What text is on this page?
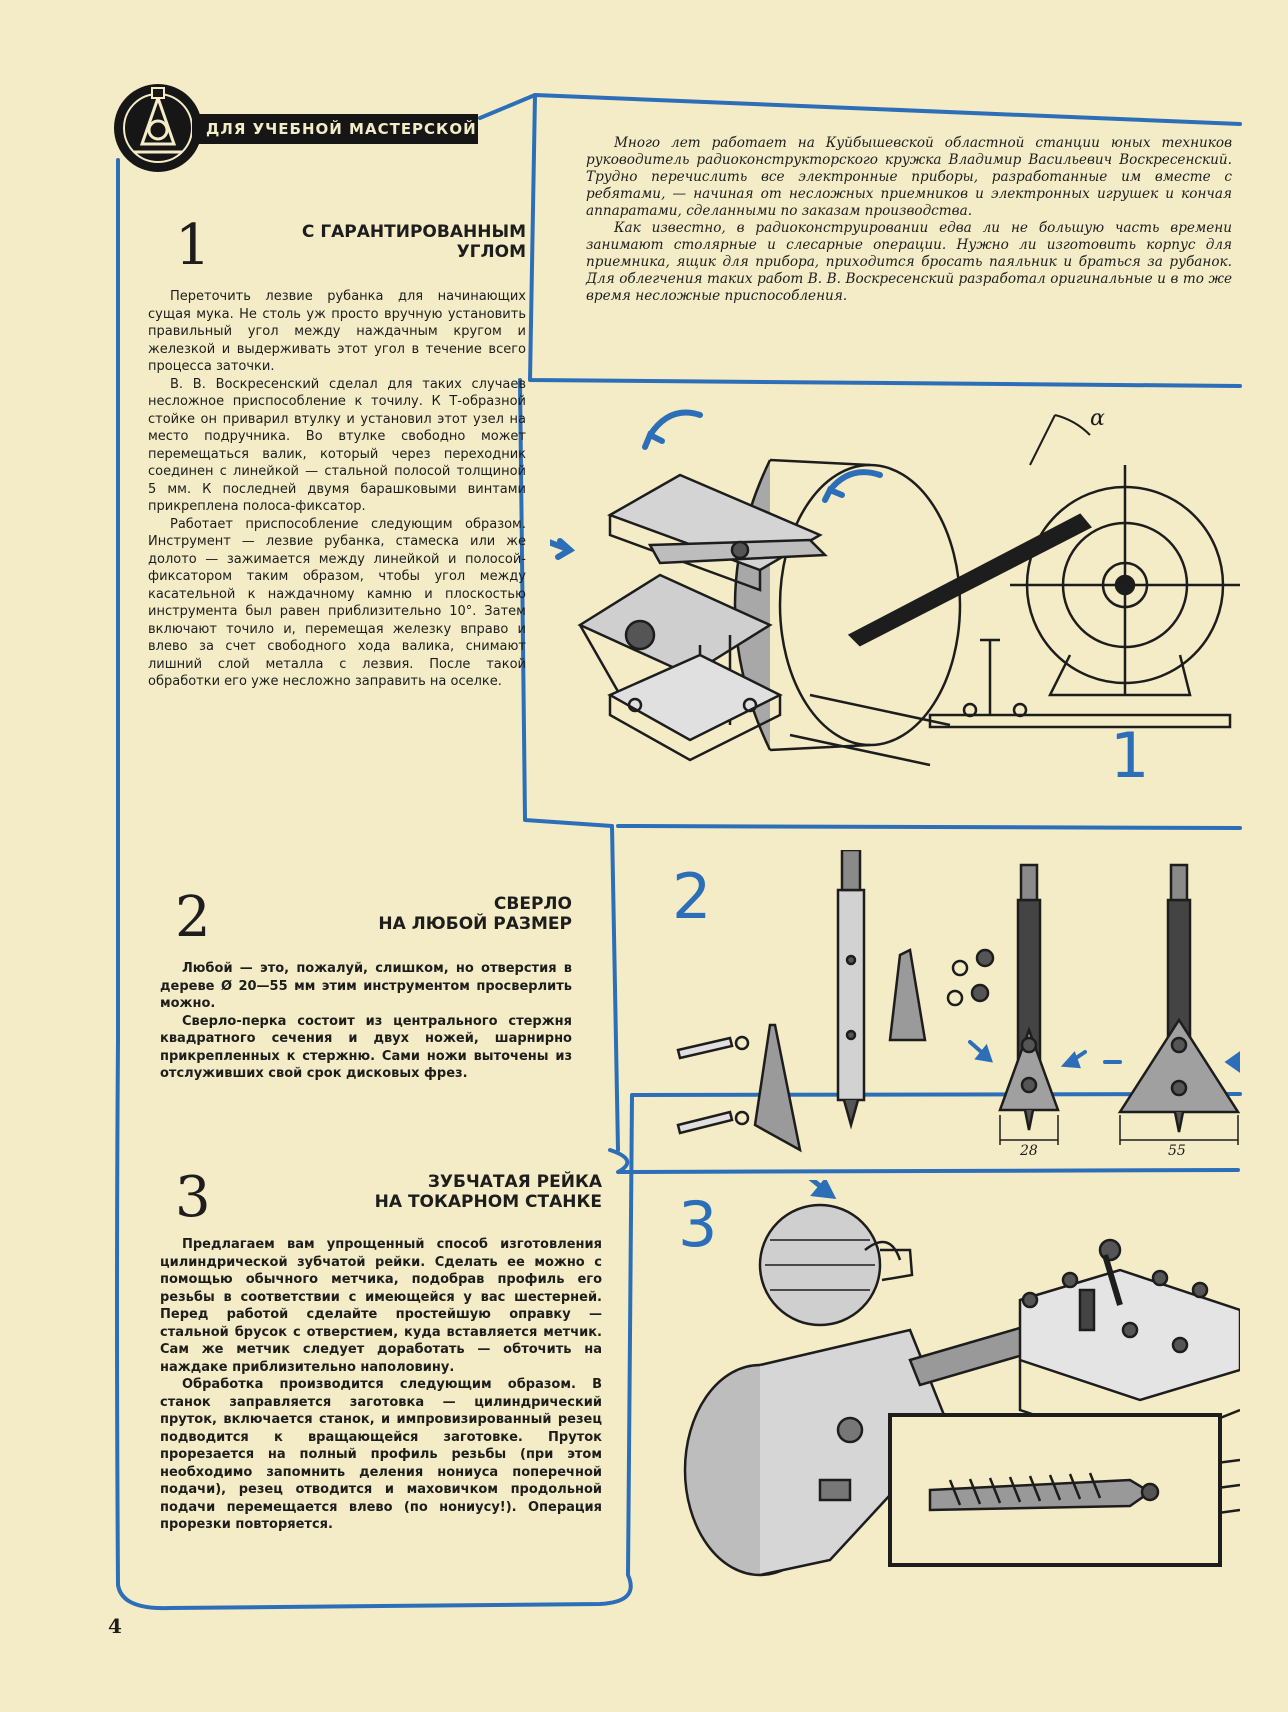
ДЛЯ УЧЕБНОЙ МАСТЕРСКОЙ

Много лет работает на Куйбышевской областной станции юных техников руководитель радиоконструкторского кружка Владимир Васильевич Воскресенский. Трудно перечислить все электронные приборы, разработанные им вместе с ребятами, — начиная от несложных приемников и электронных игрушек и кончая аппаратами, сделанными по заказам производства.

Как известно, в радиоконструировании едва ли не большую часть времени занимают столярные и слесарные операции. Нужно ли изготовить корпус для приемника, ящик для прибора, приходится бросать паяльник и браться за рубанок. Для облегчения таких работ В. В. Воскресенский разработал оригинальные и в то же время несложные приспособления.

1	С ГАРАНТИРОВАННЫМ
УГЛОМ

Переточить лезвие рубанка для начинающих сущая мука. Не столь уж просто вручную установить правильный угол между наждачным кругом и железкой и выдерживать этот угол в течение всего процесса заточки.

В. В. Воскресенский сделал для таких случаев несложное приспособление к точилу. К Т-образной стойке он приварил втулку и установил этот узел на место подручника. Во втулке свободно может перемещаться валик, который через переходник соединен с линейкой — стальной полосой толщиной 5 мм. К последней двумя барашковыми винтами прикреплена полоса-фиксатор.

Работает приспособление следующим образом. Инструмент — лезвие рубанка, стамеска или же долото — зажимается между линейкой и полосой-фиксатором таким образом, чтобы угол между касательной к наждачному камню и плоскостью инструмента был равен приблизительно 10°. Затем включают точило и, перемещая железку вправо и влево за счет свободного хода валика, снимают лишний слой металла с лезвия. После такой обработки его уже несложно заправить на оселке.

α
1
2	СВЕРЛО
НА ЛЮБОЙ РАЗМЕР

Любой — это, пожалуй, слишком, но отверстия в дереве Ø 20—55 мм этим инструментом просверлить можно.

Сверло-перка состоит из центрального стержня квадратного сечения и двух ножей, шарнирно прикрепленных к стержню. Сами ножи выточены из отслуживших свой срок дисковых фрез.

28	55
2
3	ЗУБЧАТАЯ РЕЙКА
НА ТОКАРНОМ СТАНКЕ

Предлагаем вам упрощенный способ изготовления цилиндрической зубчатой рейки. Сделать ее можно с помощью обычного метчика, подобрав профиль его резьбы в соответствии с имеющейся у вас шестерней. Перед работой сделайте простейшую оправку — стальной брусок с отверстием, куда вставляется метчик. Сам же метчик следует доработать — обточить на наждаке приблизительно наполовину.

Обработка производится следующим образом. В станок заправляется заготовка — цилиндрический пруток, включается станок, и импровизированный резец подводится к вращающейся заготовке. Пруток прорезается на полный профиль резьбы (при этом необходимо запомнить деления нониуса поперечной подачи), резец отводится и маховичком продольной подачи перемещается влево (по нониусу!). Операция прорезки повторяется.

3
4
